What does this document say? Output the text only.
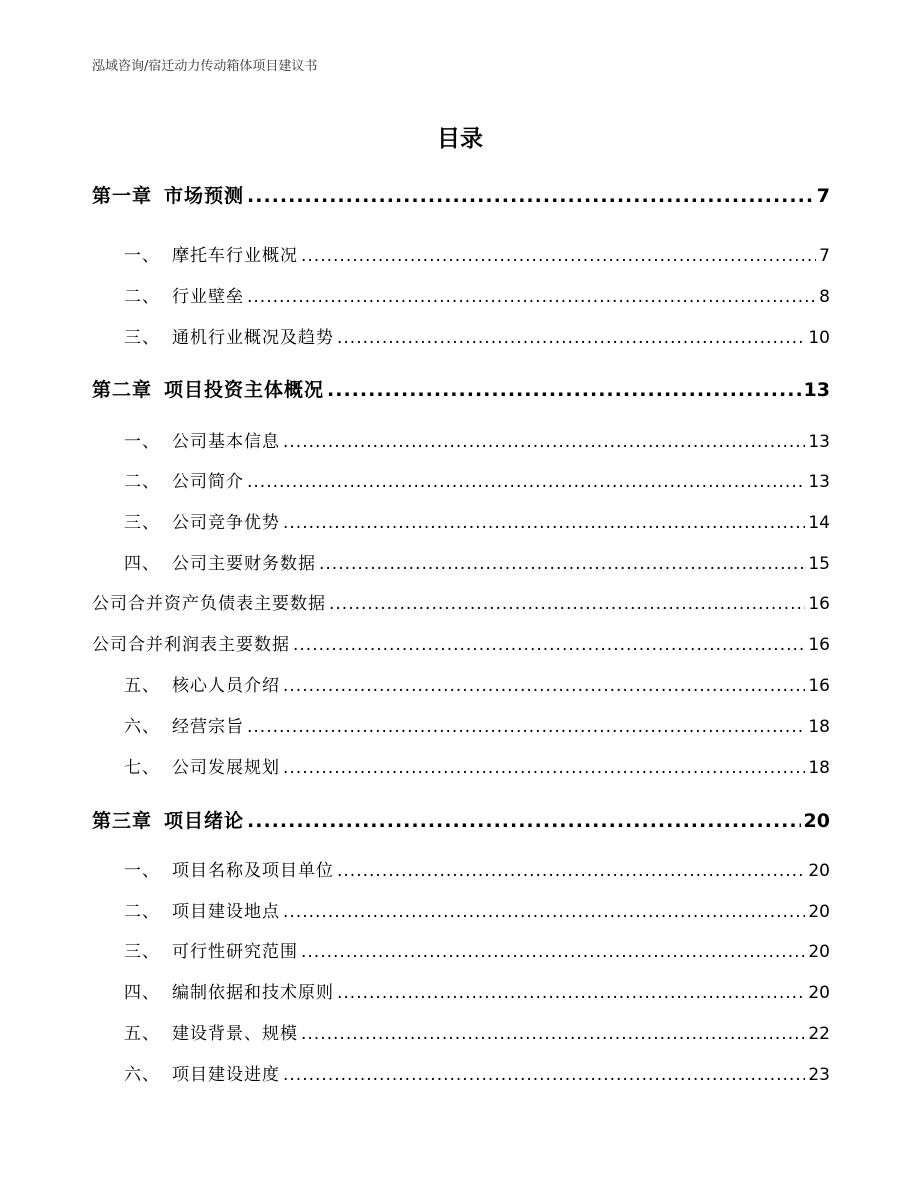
泓域咨询/宿迁动力传动箱体项目建议书
目录
第一章 市场预测 .....	7
一、 摩托车行业概况 .....	7
二、 行业壁垒 .....	8
三、 通机行业概况及趋势 .....	10
第二章 项目投资主体概况 .....	13
一、 公司基本信息 .....	13
二、 公司简介 .....	13
三、 公司竞争优势 .....	14
四、 公司主要财务数据 .....	15
公司合并资产负债表主要数据 .....	16
公司合并利润表主要数据 .....	16
五、 核心人员介绍 .....	16
六、 经营宗旨 .....	18
七、 公司发展规划 .....	18
第三章 项目绪论 .....	20
一、 项目名称及项目单位 .....	20
二、 项目建设地点 .....	20
三、 可行性研究范围 .....	20
四、 编制依据和技术原则 .....	20
五、 建设背景、规模 .....	22
六、 项目建设进度 .....	23
